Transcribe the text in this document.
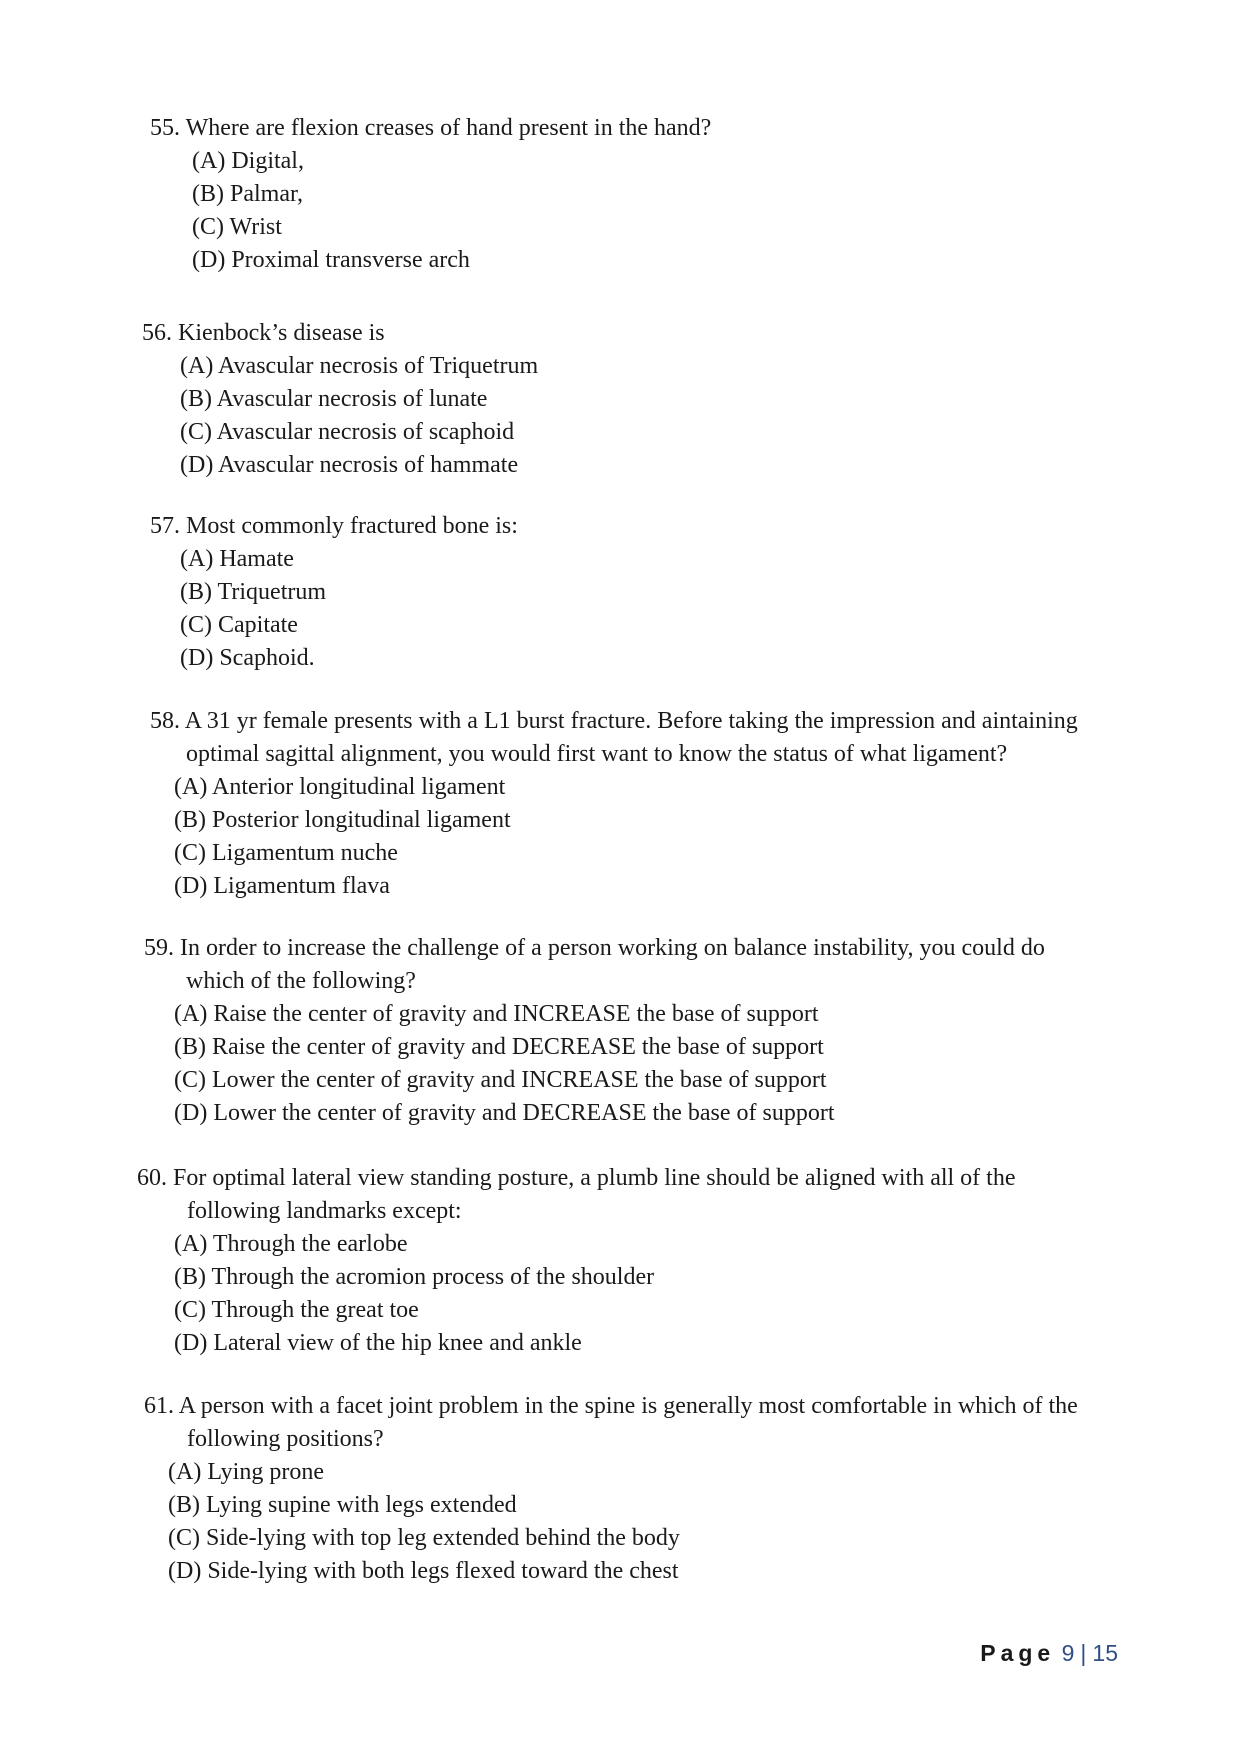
55. Where are flexion creases of hand present in the hand?

(A) Digital,

(B) Palmar,

(C) Wrist

(D) Proximal transverse arch

56. Kienbock’s disease is

(A) Avascular necrosis of Triquetrum

(B) Avascular necrosis of lunate

(C) Avascular necrosis of scaphoid

(D) Avascular necrosis of hammate

57. Most commonly fractured bone is:

(A) Hamate

(B) Triquetrum

(C) Capitate

(D) Scaphoid.

58. A 31 yr female presents with a L1 burst fracture. Before taking the impression and aintaining

optimal sagittal alignment, you would first want to know the status of what ligament?

(A) Anterior longitudinal ligament

(B) Posterior longitudinal ligament

(C) Ligamentum nuche

(D) Ligamentum flava

59. In order to increase the challenge of a person working on balance instability, you could do

which of the following?

(A) Raise the center of gravity and INCREASE the base of support

(B) Raise the center of gravity and DECREASE the base of support

(C) Lower the center of gravity and INCREASE the base of support

(D) Lower the center of gravity and DECREASE the base of support

60. For optimal lateral view standing posture, a plumb line should be aligned with all of the

following landmarks except:

(A) Through the earlobe

(B) Through the acromion process of the shoulder

(C) Through the great toe

(D) Lateral view of the hip knee and ankle

61. A person with a facet joint problem in the spine is generally most comfortable in which of the

following positions?

(A) Lying prone

(B) Lying supine with legs extended

(C) Side-lying with top leg extended behind the body

(D) Side-lying with both legs flexed toward the chest

Page 9 | 15
